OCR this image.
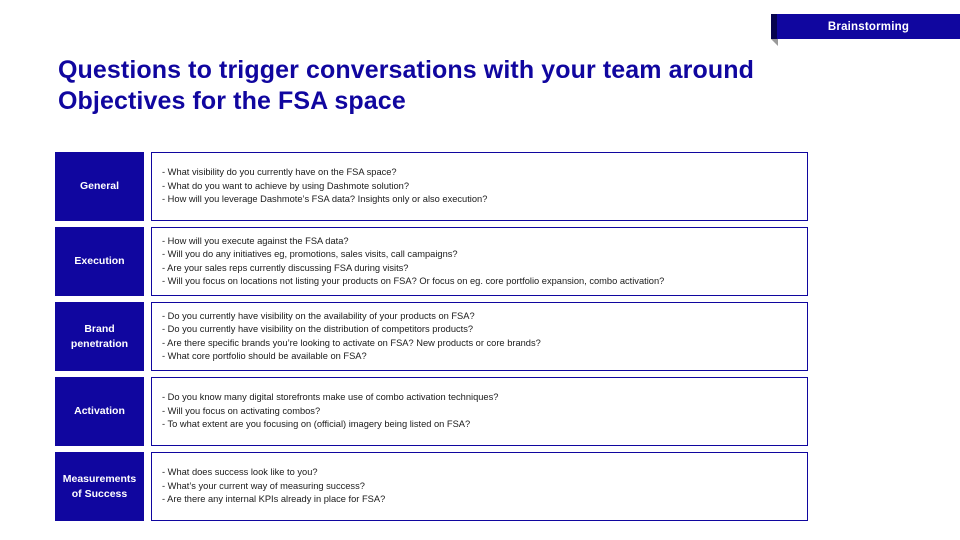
Brainstorming
Questions to trigger conversations with your team around Objectives for the FSA space
General
- What visibility do you currently have on the FSA space?
- What do you want to achieve by using Dashmote solution?
- How will you leverage Dashmote’s FSA data? Insights only or also execution?
Execution
- How will you execute against the FSA data?
- Will you do any initiatives eg, promotions, sales visits, call campaigns?
- Are your sales reps currently discussing FSA during visits?
- Will you focus on locations not listing your products on FSA? Or focus on eg. core portfolio expansion, combo activation?
Brand penetration
- Do you currently have visibility on the availability of your products on FSA?
- Do you currently have visibility on the distribution of competitors products?
- Are there specific brands you’re looking to activate on FSA? New products or core brands?
- What core portfolio should be available on FSA?
Activation
- Do you know many digital storefronts make use of combo activation techniques?
- Will you focus on activating combos?
- To what extent are you focusing on (official) imagery being listed on FSA?
Measurements of Success
- What does success look like to you?
- What’s your current way of measuring success?
- Are there any internal KPIs already in place for FSA?
